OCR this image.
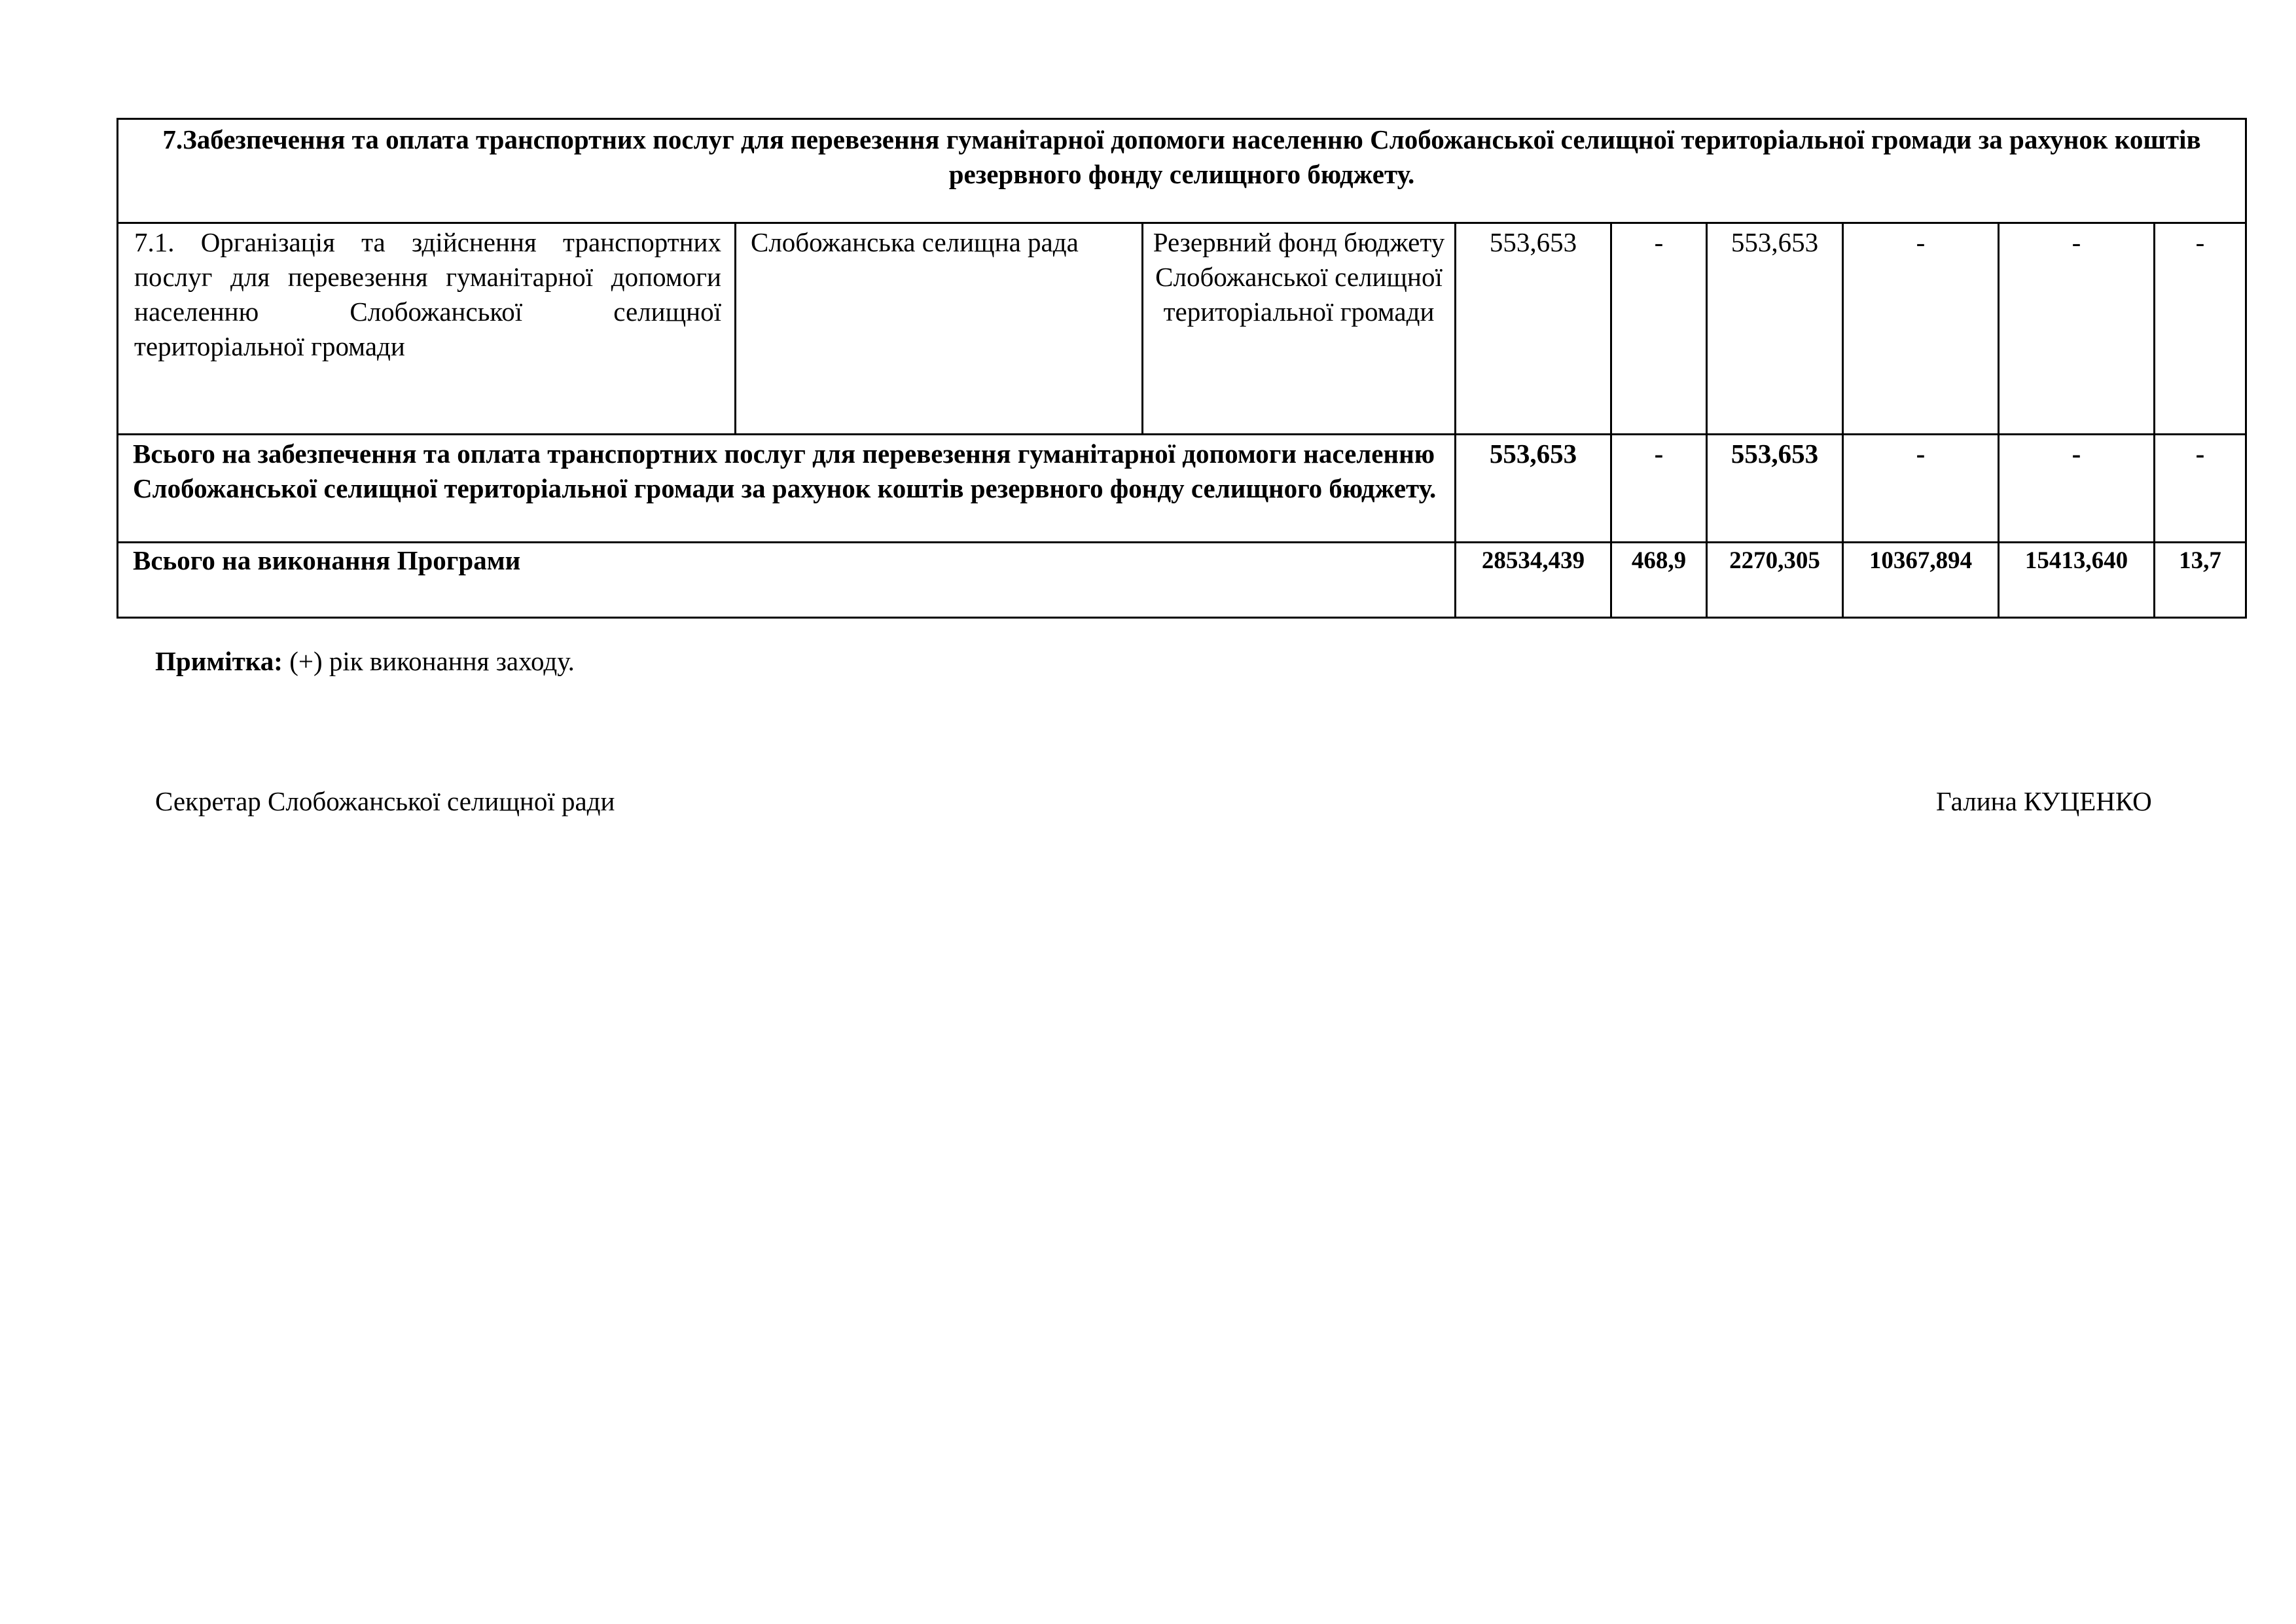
7.Забезпечення та оплата транспортних послуг для перевезення гуманітарної допомоги населенню Слобожанської селищної територіальної громади за рахунок коштів резервного фонду селищного бюджету.								

7.1. Організація та здійснення транспортних послуг для перевезення гуманітарної допомоги населенню Слобожанської селищної територіальної громади	Слобожанська селищна рада	Резервний фонд бюджету Слобожанської селищної територіальної громади	553,653	-	553,653	-	-	-
Всього на забезпечення та оплата транспортних послуг для перевезення гуманітарної допомоги населенню Слобожанської селищної територіальної громади за рахунок коштів резервного фонду селищного бюджету.			553,653	-	553,653	-	-	-
Всього на виконання Програми			28534,439	468,9	2270,305	10367,894	15413,640	13,7
Примітка: (+) рік виконання заходу.
Секретар Слобожанської селищної ради	Галина КУЦЕНКО
